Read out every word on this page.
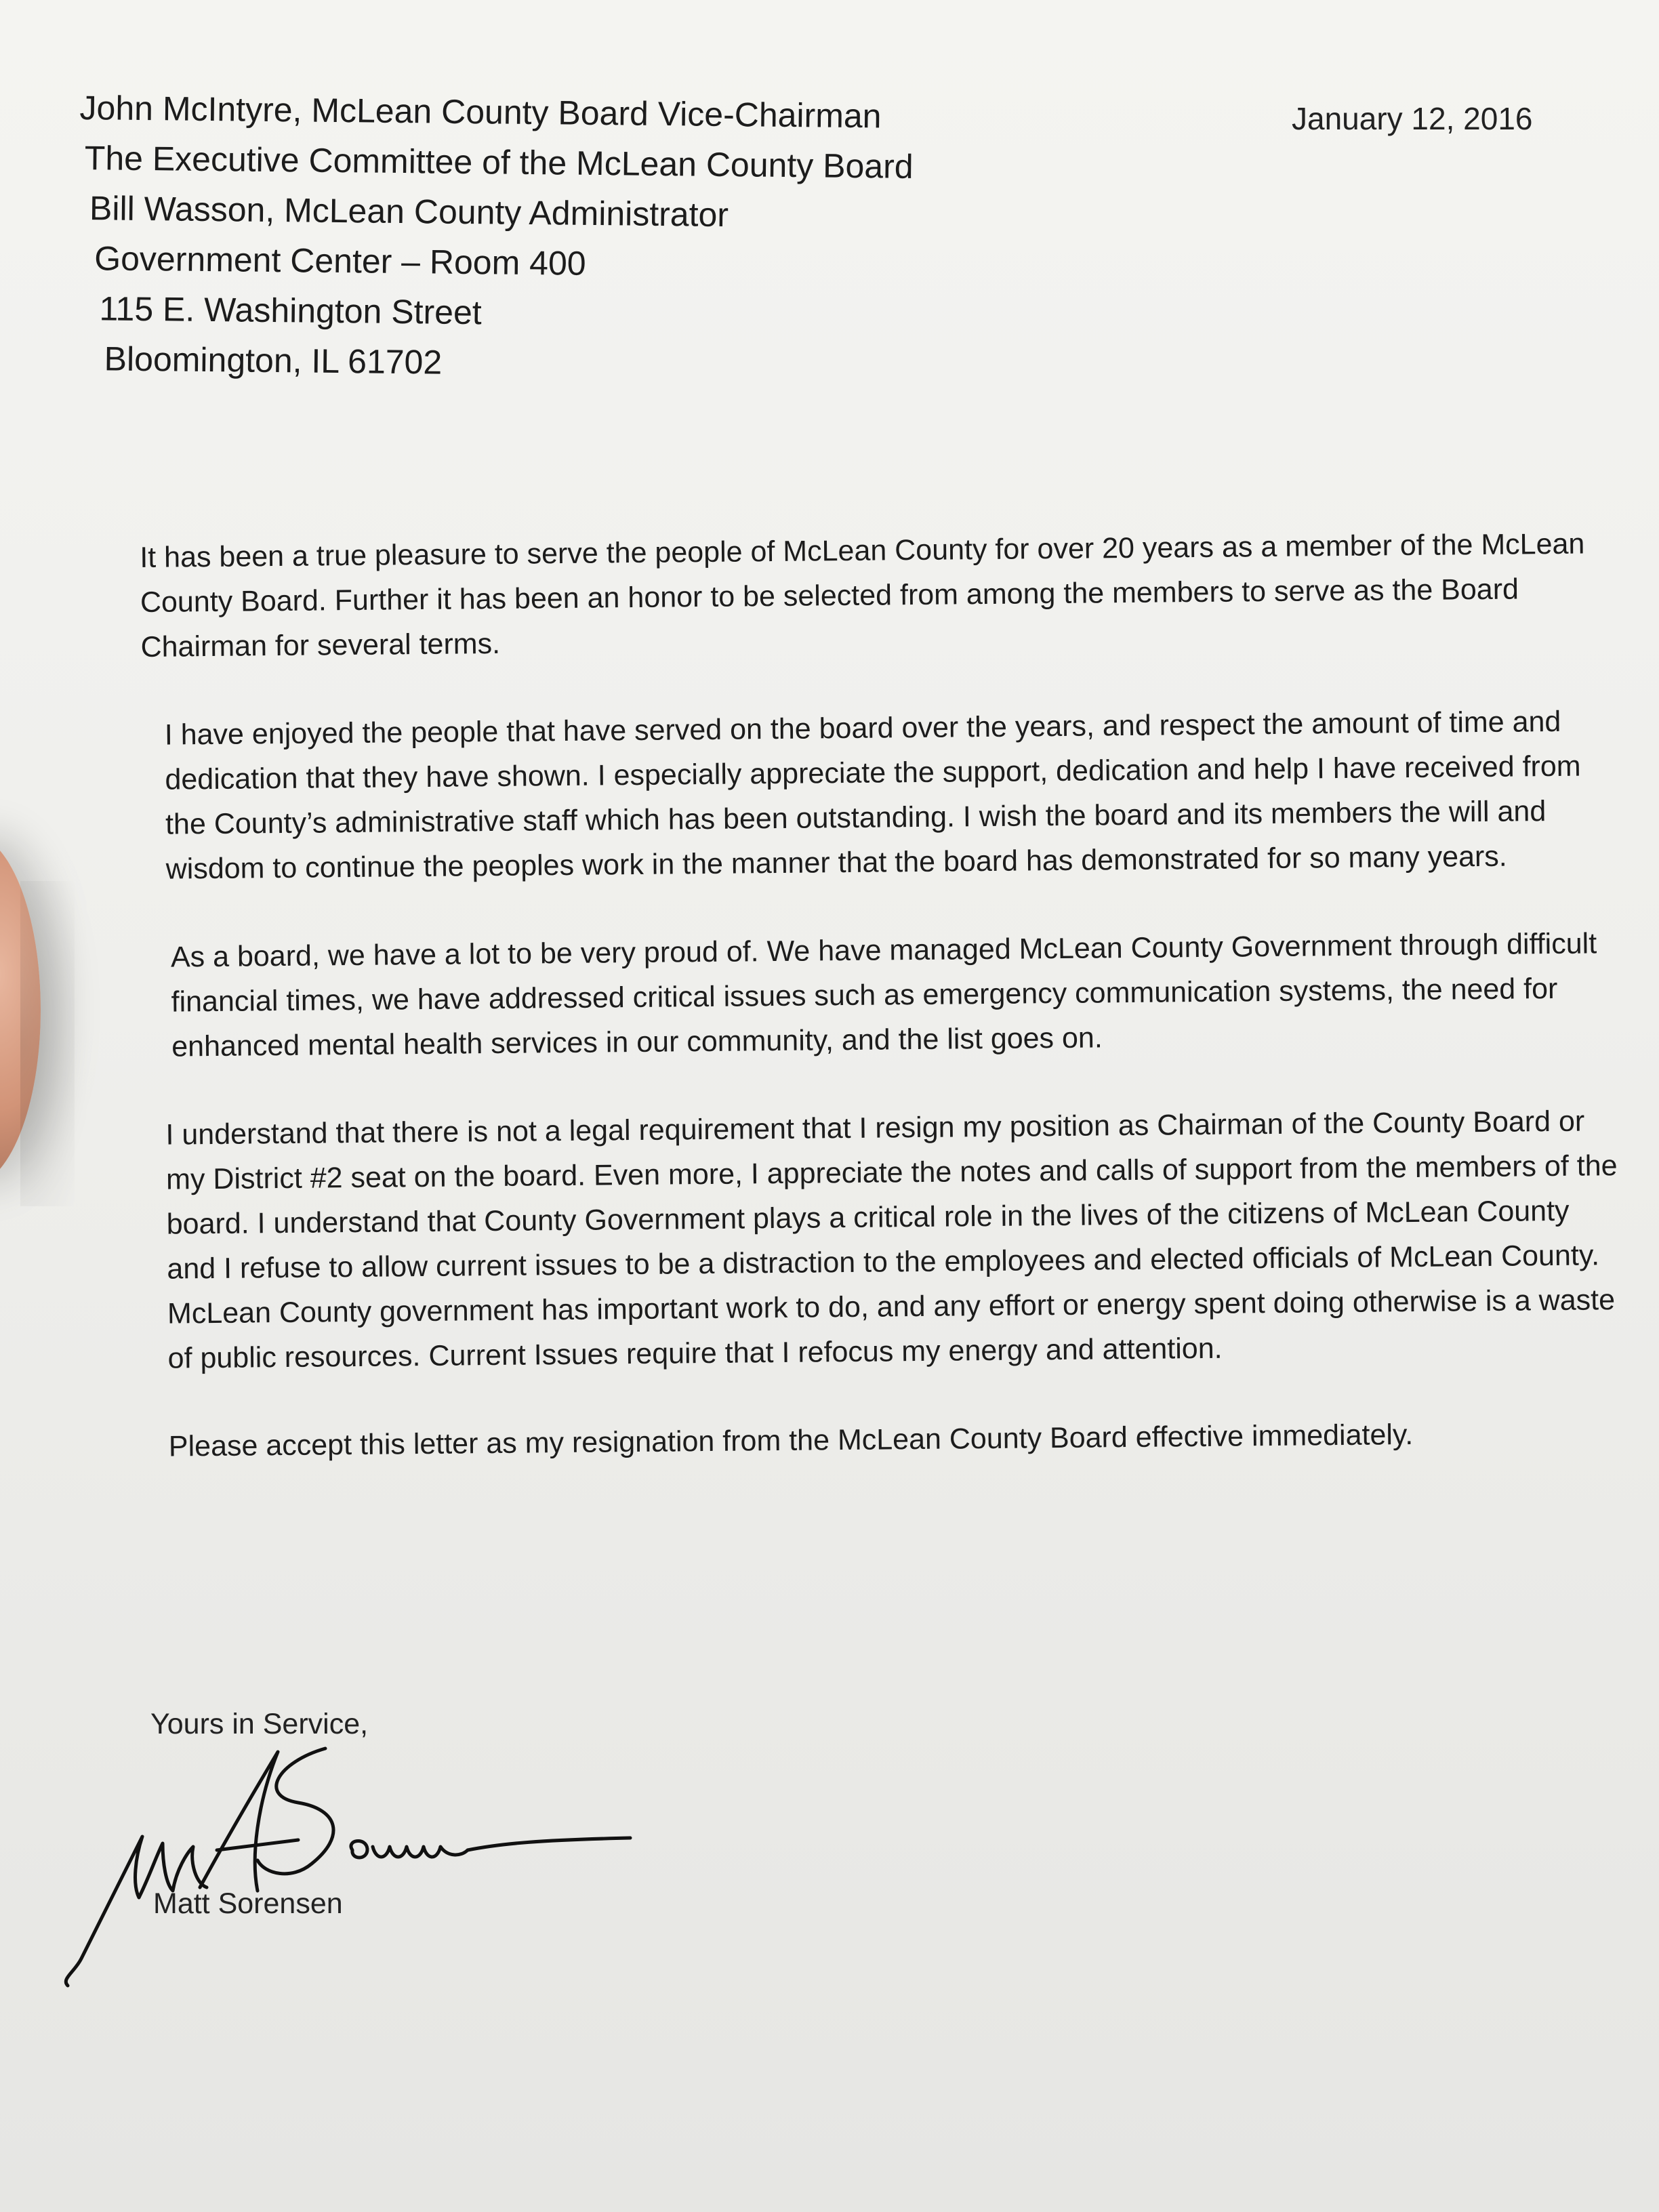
John McIntyre, McLean County Board Vice-Chairman
The Executive Committee of the McLean County Board
Bill Wasson, McLean County Administrator
Government Center – Room 400
115 E. Washington Street
Bloomington, IL 61702
January 12, 2016

It has been a true pleasure to serve the people of McLean County for over 20 years as a member of the McLean County Board. Further it has been an honor to be selected from among the members to serve as the Board Chairman for several terms.

I have enjoyed the people that have served on the board over the years, and respect the amount of time and dedication that they have shown. I especially appreciate the support, dedication and help I have received from the County’s administrative staff which has been outstanding. I wish the board and its members the will and wisdom to continue the peoples work in the manner that the board has demonstrated for so many years.

As a board, we have a lot to be very proud of. We have managed McLean County Government through difficult financial times, we have addressed critical issues such as emergency communication systems, the need for enhanced mental health services in our community, and the list goes on.

I understand that there is not a legal requirement that I resign my position as Chairman of the County Board or my District #2 seat on the board. Even more, I appreciate the notes and calls of support from the members of the board. I understand that County Government plays a critical role in the lives of the citizens of McLean County and I refuse to allow current issues to be a distraction to the employees and elected officials of McLean County. McLean County government has important work to do, and any effort or energy spent doing otherwise is a waste of public resources. Current Issues require that I refocus my energy and attention.

Please accept this letter as my resignation from the McLean County Board effective immediately.

Yours in Service,
Matt Sorensen
Matt Sorensen
